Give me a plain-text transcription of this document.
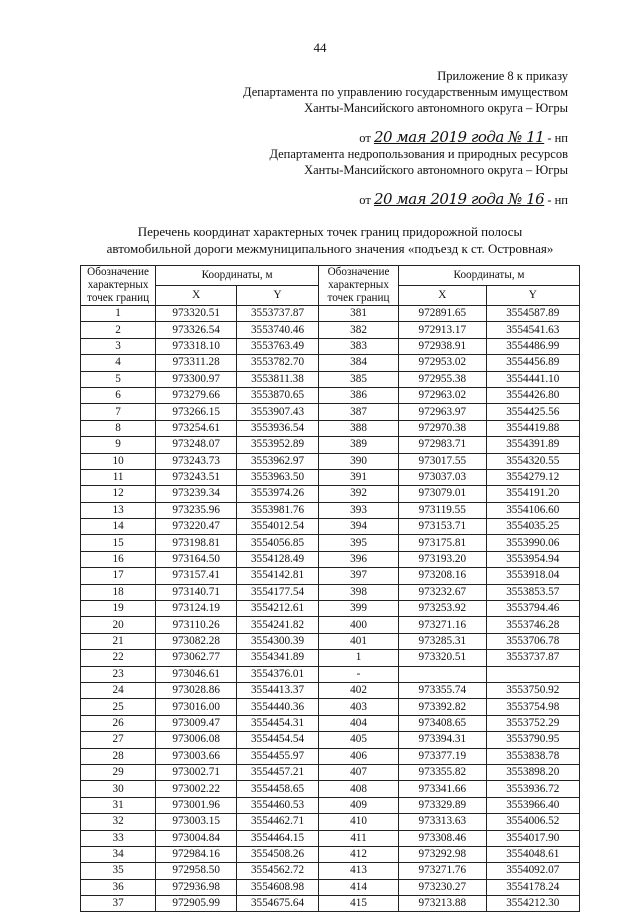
44
Приложение 8 к приказу
Департамента по управлению государственным имуществом
Ханты-Мансийского автономного округа – Югры
от 20 мая 2019 года № 11 - нп
Департамента недропользования и природных ресурсов
Ханты-Мансийского автономного округа – Югры
от 20 мая 2019 года № 16 - нп
Перечень координат характерных точек границ придорожной полосы
автомобильной дороги межмуниципального значения «подъезд к ст. Островная»
Обозначение характерных точек границ	Координаты, м		Обозначение характерных точек границ	Координаты, м	
	X	Y		X	Y
1	973320.51	3553737.87	381	972891.65	3554587.89
2	973326.54	3553740.46	382	972913.17	3554541.63
3	973318.10	3553763.49	383	972938.91	3554486.99
4	973311.28	3553782.70	384	972953.02	3554456.89
5	973300.97	3553811.38	385	972955.38	3554441.10
6	973279.66	3553870.65	386	972963.02	3554426.80
7	973266.15	3553907.43	387	972963.97	3554425.56
8	973254.61	3553936.54	388	972970.38	3554419.88
9	973248.07	3553952.89	389	972983.71	3554391.89
10	973243.73	3553962.97	390	973017.55	3554320.55
11	973243.51	3553963.50	391	973037.03	3554279.12
12	973239.34	3553974.26	392	973079.01	3554191.20
13	973235.96	3553981.76	393	973119.55	3554106.60
14	973220.47	3554012.54	394	973153.71	3554035.25
15	973198.81	3554056.85	395	973175.81	3553990.06
16	973164.50	3554128.49	396	973193.20	3553954.94
17	973157.41	3554142.81	397	973208.16	3553918.04
18	973140.71	3554177.54	398	973232.67	3553853.57
19	973124.19	3554212.61	399	973253.92	3553794.46
20	973110.26	3554241.82	400	973271.16	3553746.28
21	973082.28	3554300.39	401	973285.31	3553706.78
22	973062.77	3554341.89	1	973320.51	3553737.87
23	973046.61	3554376.01	-		
24	973028.86	3554413.37	402	973355.74	3553750.92
25	973016.00	3554440.36	403	973392.82	3553754.98
26	973009.47	3554454.31	404	973408.65	3553752.29
27	973006.08	3554454.54	405	973394.31	3553790.95
28	973003.66	3554455.97	406	973377.19	3553838.78
29	973002.71	3554457.21	407	973355.82	3553898.20
30	973002.22	3554458.65	408	973341.66	3553936.72
31	973001.96	3554460.53	409	973329.89	3553966.40
32	973003.15	3554462.71	410	973313.63	3554006.52
33	973004.84	3554464.15	411	973308.46	3554017.90
34	972984.16	3554508.26	412	973292.98	3554048.61
35	972958.50	3554562.72	413	973271.76	3554092.07
36	972936.98	3554608.98	414	973230.27	3554178.24
37	972905.99	3554675.64	415	973213.88	3554212.30
